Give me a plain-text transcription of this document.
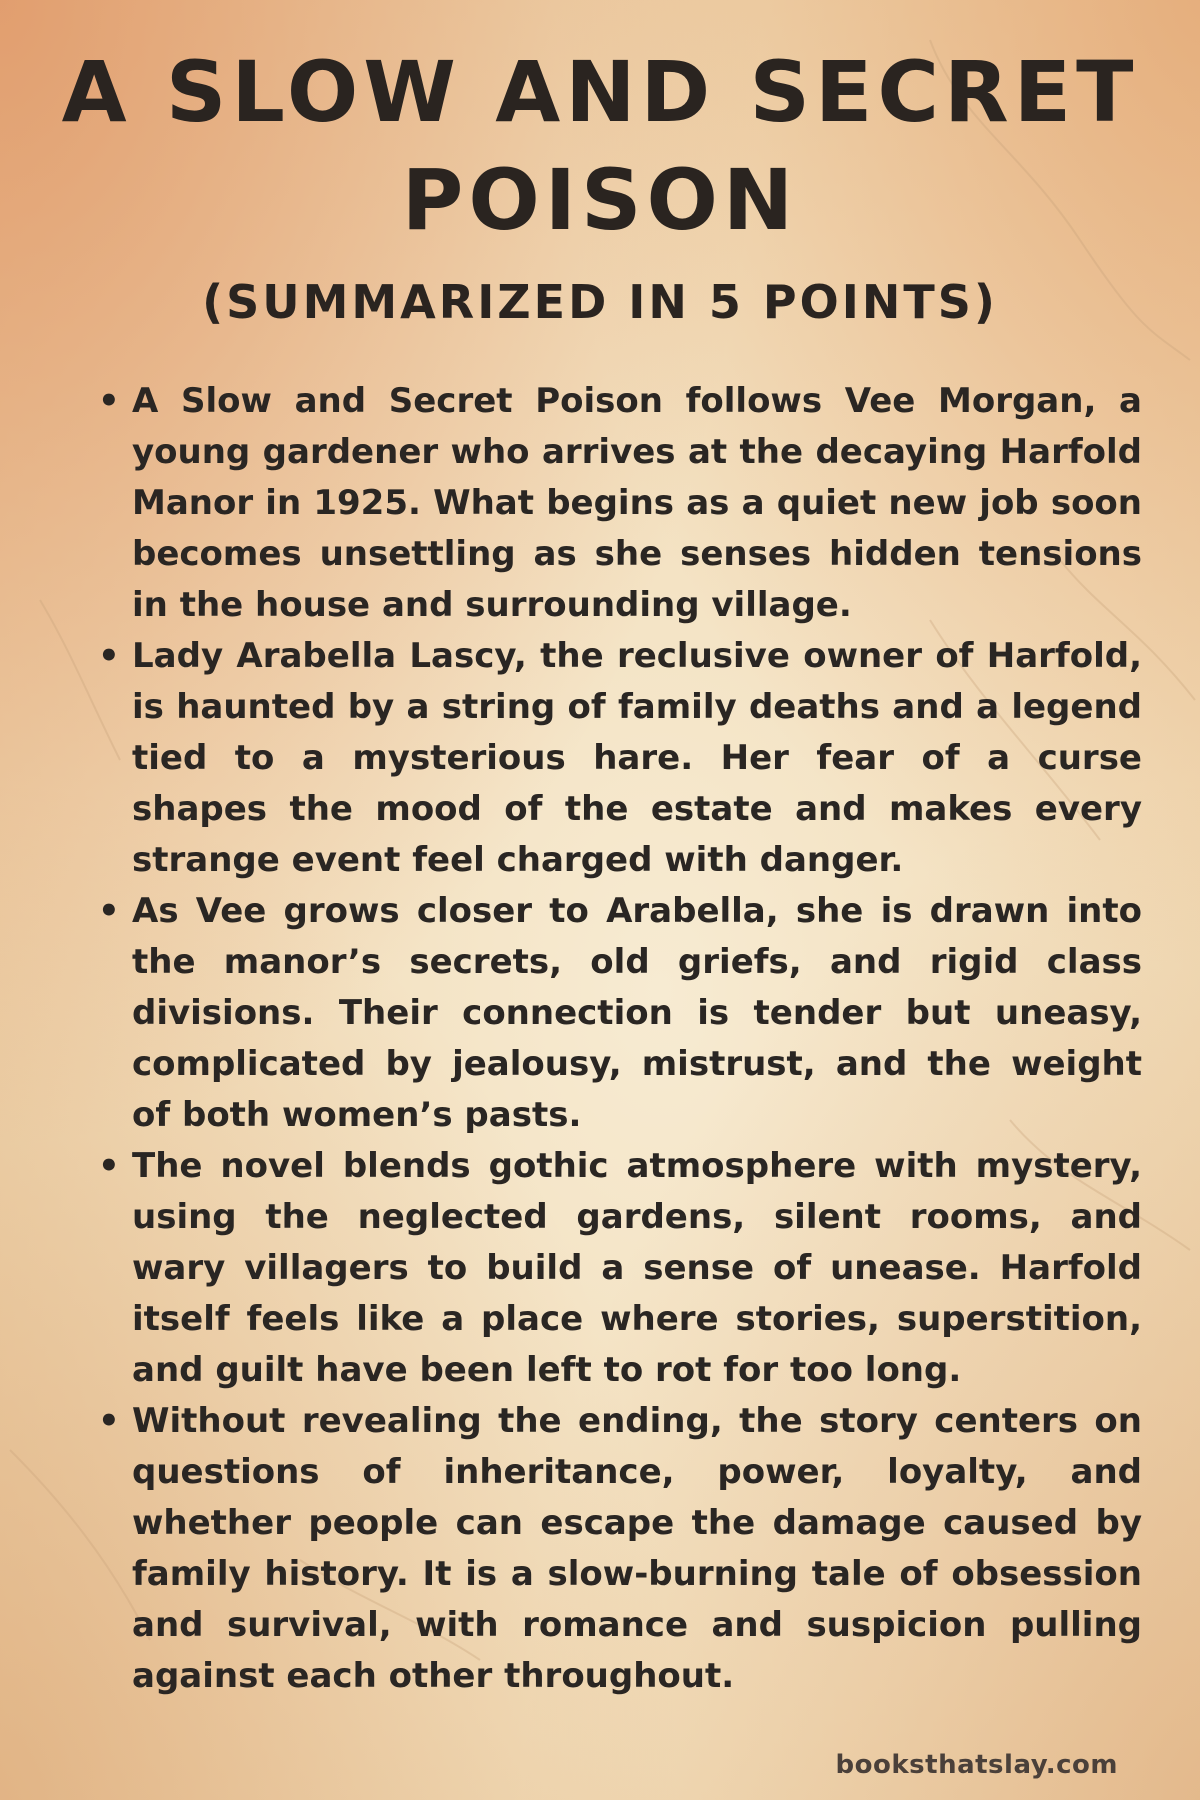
A SLOW AND SECRET POISON
(SUMMARIZED IN 5 POINTS)
• A Slow and Secret Poison follows Vee Morgan, a young gardener who arrives at the decaying Harfold Manor in 1925. What begins as a quiet new job soon becomes unsettling as she senses hidden tensions in the house and surrounding village.
• Lady Arabella Lascy, the reclusive owner of Harfold, is haunted by a string of family deaths and a legend tied to a mysterious hare. Her fear of a curse shapes the mood of the estate and makes every strange event feel charged with danger.
• As Vee grows closer to Arabella, she is drawn into the manor’s secrets, old griefs, and rigid class divisions. Their connection is tender but uneasy, complicated by jealousy, mistrust, and the weight of both women’s pasts.
• The novel blends gothic atmosphere with mystery, using the neglected gardens, silent rooms, and wary villagers to build a sense of unease. Harfold itself feels like a place where stories, superstition, and guilt have been left to rot for too long.
• Without revealing the ending, the story centers on questions of inheritance, power, loyalty, and whether people can escape the damage caused by family history. It is a slow-burning tale of obsession and survival, with romance and suspicion pulling against each other throughout.
booksthatslay.com
